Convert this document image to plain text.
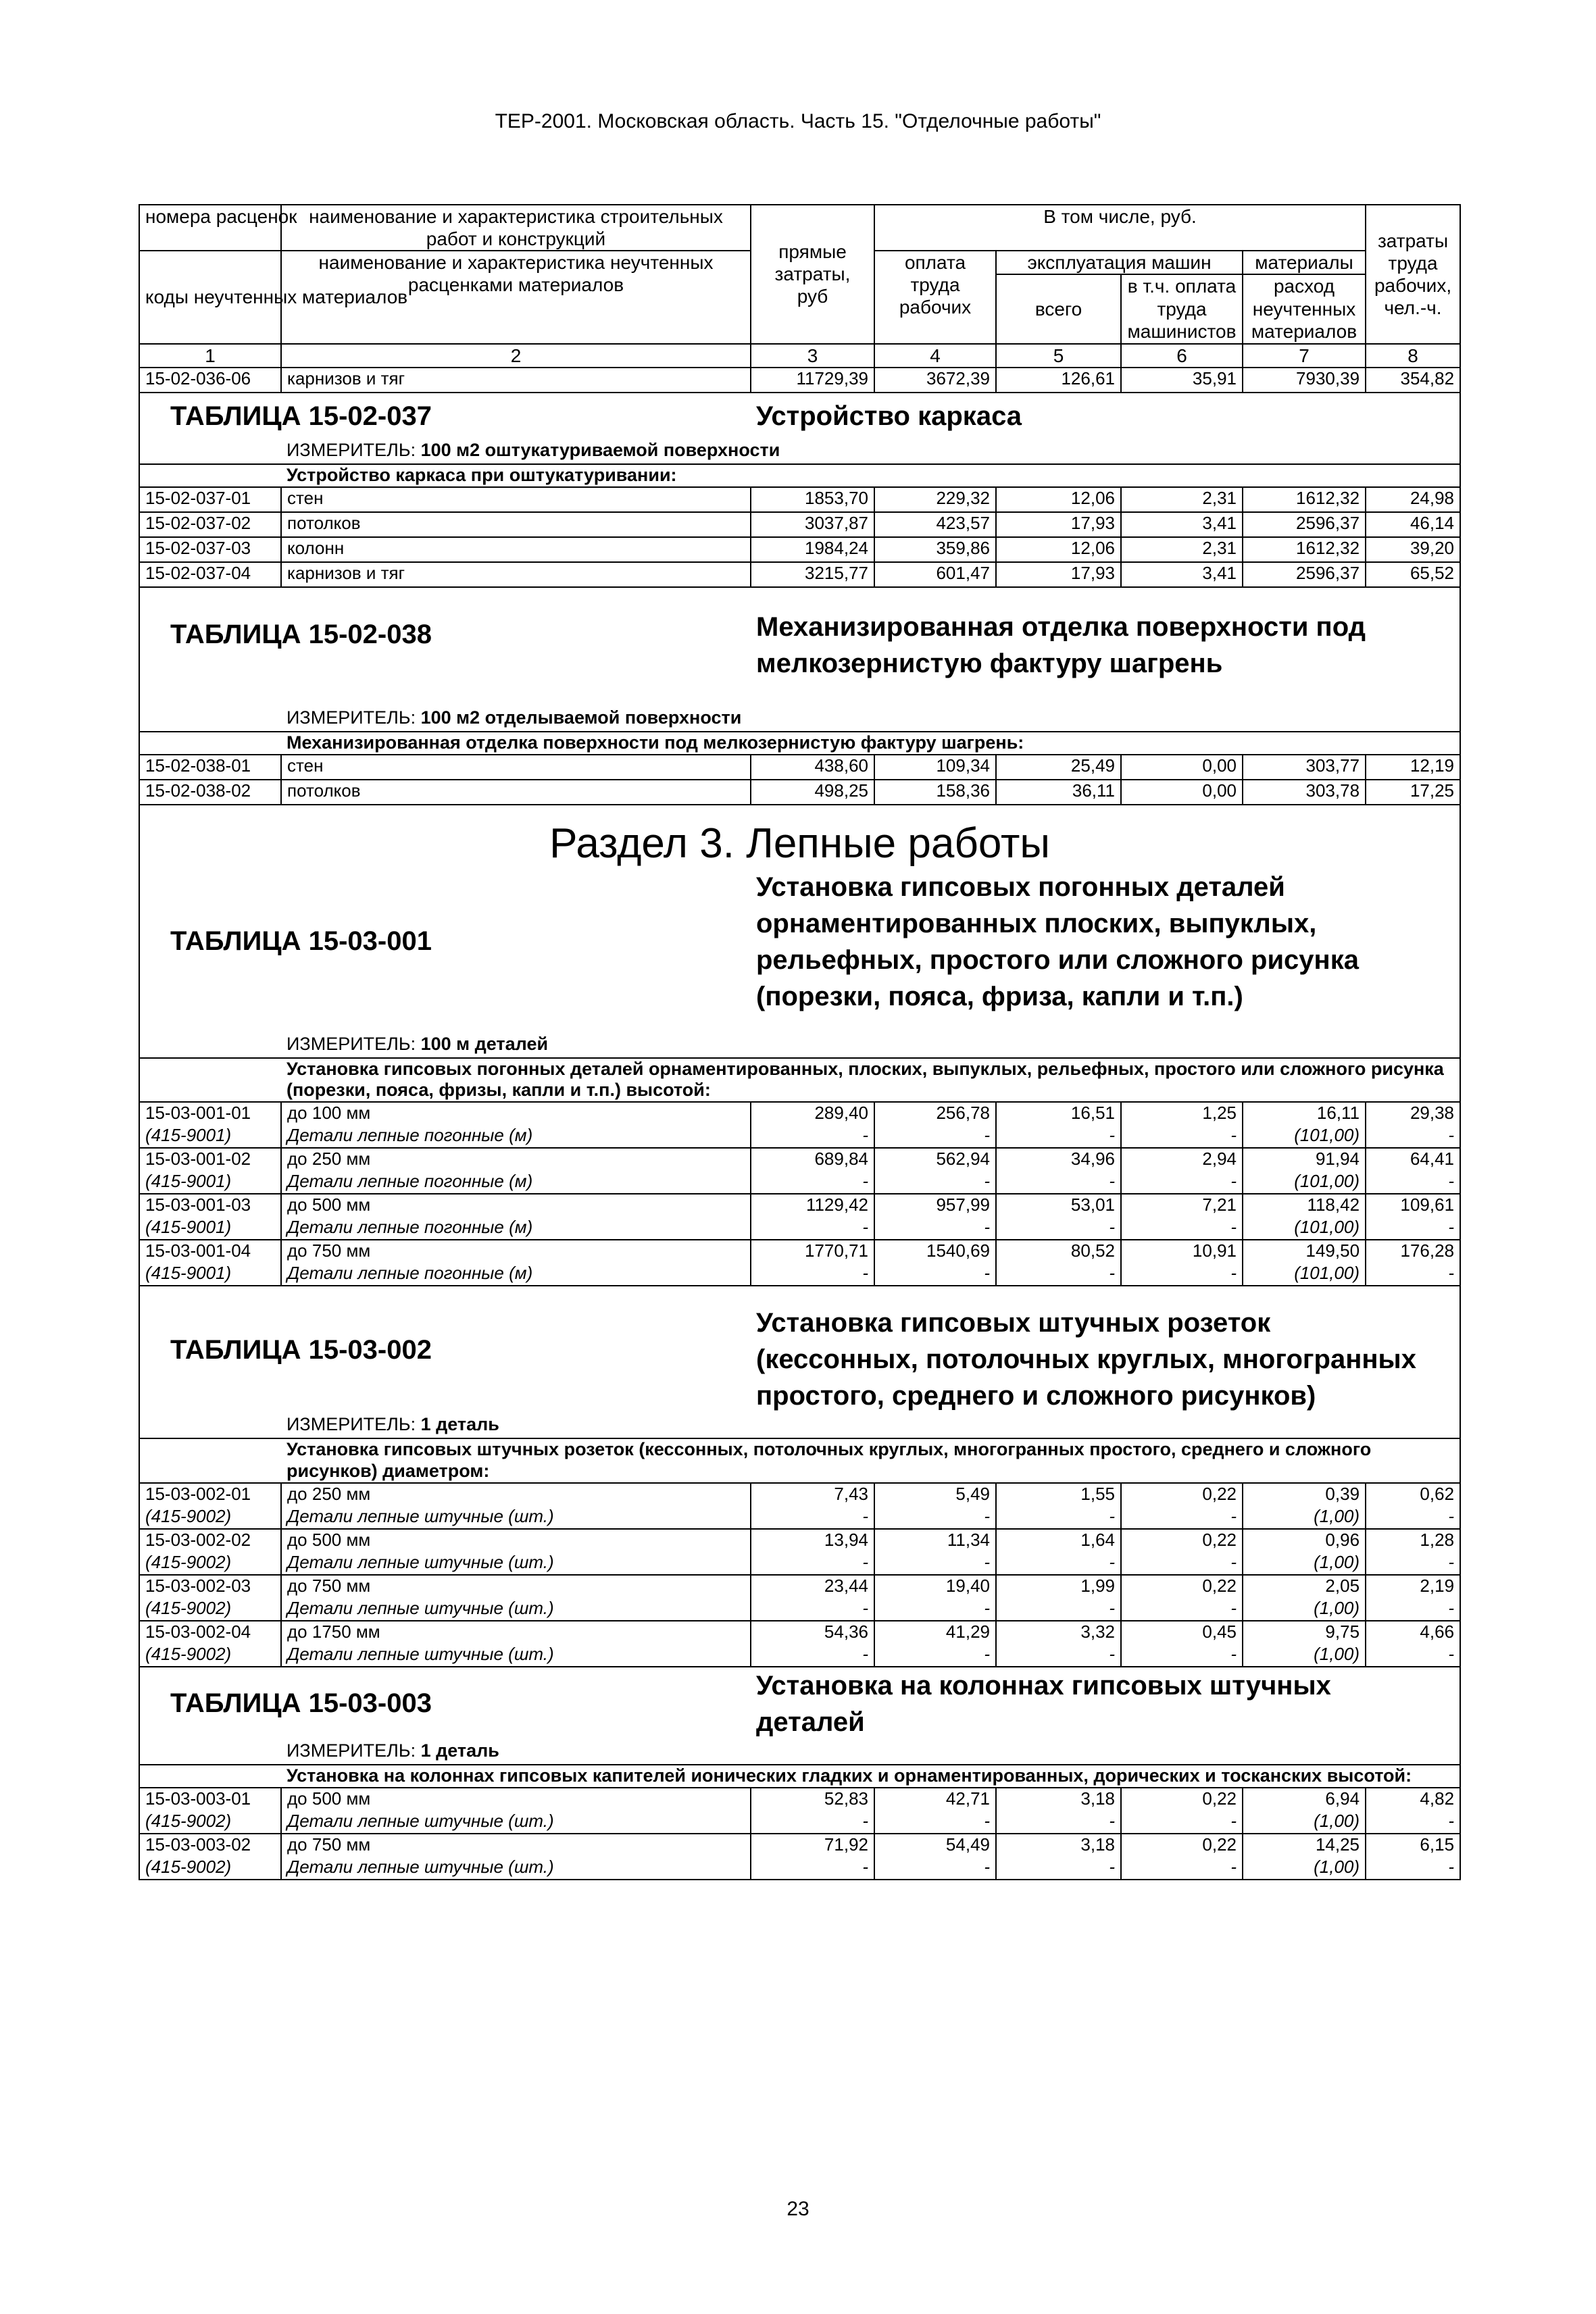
ТЕР-2001. Московская область. Часть 15. "Отделочные работы"
номера расценок	наименование и характеристика строительных работ и конструкций	прямые затраты, руб	В том числе, руб.				затраты труда рабочих, чел.-ч.
коды неучтенных материалов	наименование и характеристика неучтенных расценками материалов		оплата труда рабочих	эксплуатация машин		материалы	
				всего	в т.ч. оплата труда машинистов	расход неучтенных материалов	
1	2	3	4	5	6	7	8
15-02-036-06	карнизов и тяг	11729,39	3672,39	126,61	35,91	7930,39	354,82
ТАБЛИЦА 15-02-037		Устройство каркаса					
	ИЗМЕРИТЕЛЬ: 100 м2 оштукатуриваемой поверхности						
	Устройство каркаса при оштукатуривании:						
15-02-037-01	стен	1853,70	229,32	12,06	2,31	1612,32	24,98
15-02-037-02	потолков	3037,87	423,57	17,93	3,41	2596,37	46,14
15-02-037-03	колонн	1984,24	359,86	12,06	2,31	1612,32	39,20
15-02-037-04	карнизов и тяг	3215,77	601,47	17,93	3,41	2596,37	65,52
ТАБЛИЦА 15-02-038		Механизированная отделка поверхности под мелкозернистую фактуру шагрень					

	ИЗМЕРИТЕЛЬ: 100 м2 отделываемой поверхности						
	Механизированная отделка поверхности под мелкозернистую фактуру шагрень:						
15-02-038-01	стен	438,60	109,34	25,49	0,00	303,77	12,19
15-02-038-02	потолков	498,25	158,36	36,11	0,00	303,78	17,25
Раздел 3. Лепные работы							
ТАБЛИЦА 15-03-001		Установка гипсовых погонных деталей орнаментированных плоских, выпуклых, рельефных, простого или сложного рисунка (порезки, пояса, фриза, капли и т.п.)					

	ИЗМЕРИТЕЛЬ: 100 м деталей						
	Установка гипсовых погонных деталей орнаментированных, плоских, выпуклых, рельефных, простого или сложного рисунка (порезки, пояса, фризы, капли и т.п.) высотой:						
15-03-001-01	до 100 мм	289,40	256,78	16,51	1,25	16,11	29,38
(415-9001)	Детали лепные погонные (м)	-	-	-	-	(101,00)	-
15-03-001-02	до 250 мм	689,84	562,94	34,96	2,94	91,94	64,41
(415-9001)	Детали лепные погонные (м)	-	-	-	-	(101,00)	-
15-03-001-03	до 500 мм	1129,42	957,99	53,01	7,21	118,42	109,61
(415-9001)	Детали лепные погонные (м)	-	-	-	-	(101,00)	-
15-03-001-04	до 750 мм	1770,71	1540,69	80,52	10,91	149,50	176,28
(415-9001)	Детали лепные погонные (м)	-	-	-	-	(101,00)	-
ТАБЛИЦА 15-03-002		Установка гипсовых штучных розеток (кессонных, потолочных круглых, многогранных простого, среднего и сложного рисунков)					
	ИЗМЕРИТЕЛЬ: 1 деталь						
	Установка гипсовых штучных розеток (кессонных, потолочных круглых, многогранных простого, среднего и сложного рисунков) диаметром:						
15-03-002-01	до 250 мм	7,43	5,49	1,55	0,22	0,39	0,62
(415-9002)	Детали лепные штучные (шт.)	-	-	-	-	(1,00)	-
15-03-002-02	до 500 мм	13,94	11,34	1,64	0,22	0,96	1,28
(415-9002)	Детали лепные штучные (шт.)	-	-	-	-	(1,00)	-
15-03-002-03	до 750 мм	23,44	19,40	1,99	0,22	2,05	2,19
(415-9002)	Детали лепные штучные (шт.)	-	-	-	-	(1,00)	-
15-03-002-04	до 1750 мм	54,36	41,29	3,32	0,45	9,75	4,66
(415-9002)	Детали лепные штучные (шт.)	-	-	-	-	(1,00)	-
ТАБЛИЦА 15-03-003		Установка на колоннах гипсовых штучных деталей					
	ИЗМЕРИТЕЛЬ: 1 деталь						
	Установка на колоннах гипсовых капителей ионических гладких и орнаментированных, дорических и тосканских высотой:						
15-03-003-01	до 500 мм	52,83	42,71	3,18	0,22	6,94	4,82
(415-9002)	Детали лепные штучные (шт.)	-	-	-	-	(1,00)	-
15-03-003-02	до 750 мм	71,92	54,49	3,18	0,22	14,25	6,15
(415-9002)	Детали лепные штучные (шт.)	-	-	-	-	(1,00)	-
23
